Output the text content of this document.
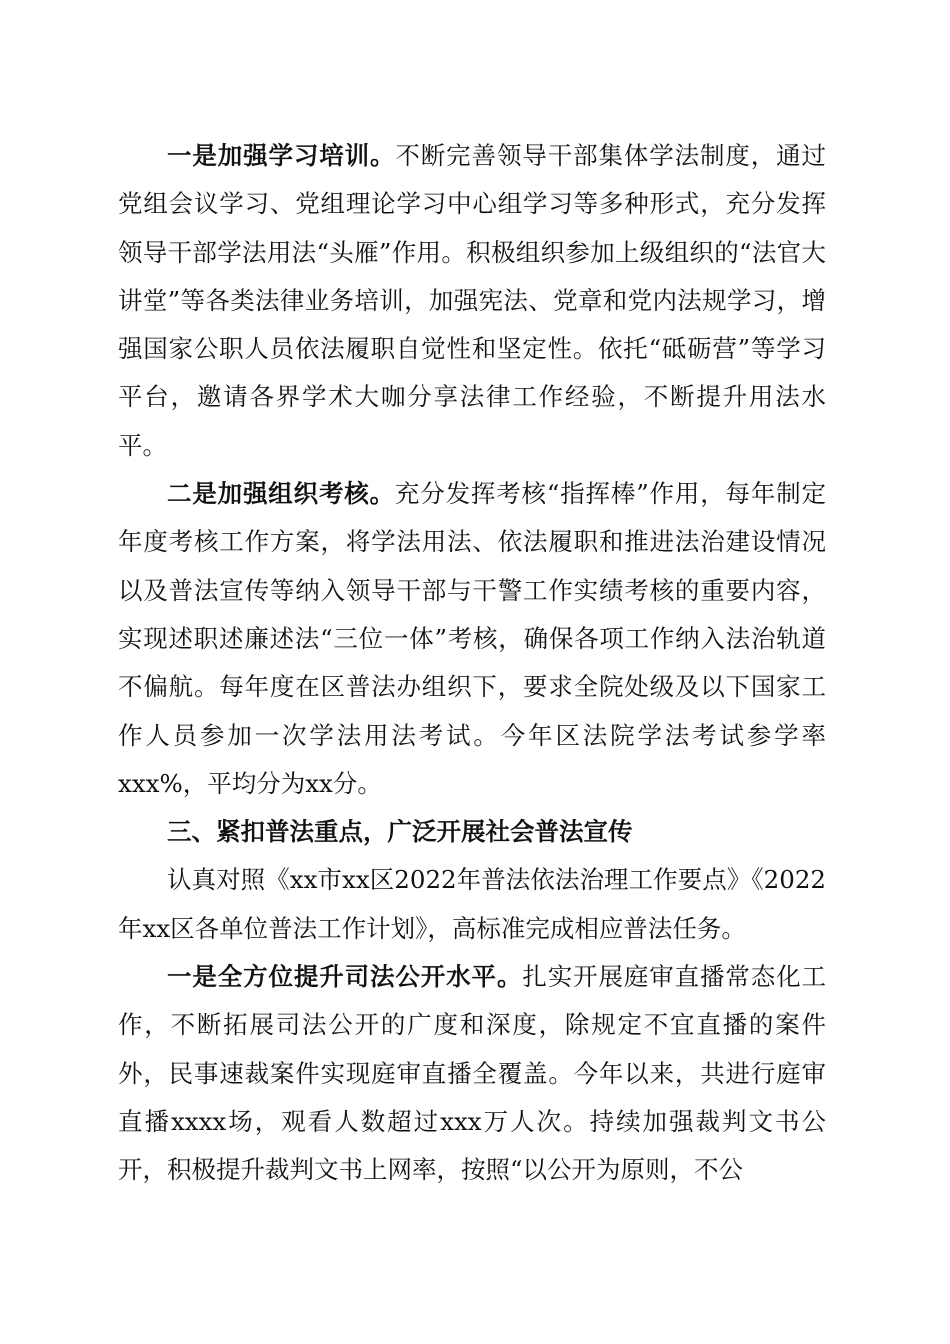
一是加强学习培训。不断完善领导干部集体学法制度，通过党组会议学习、党组理论学习中心组学习等多种形式，充分发挥领导干部学法用法“头雁”作用。积极组织参加上级组织的“法官大讲堂”等各类法律业务培训，加强宪法、党章和党内法规学习，增强国家公职人员依法履职自觉性和坚定性。依托“砥砺营”等学习平台，邀请各界学术大咖分享法律工作经验，不断提升用法水平。

二是加强组织考核。充分发挥考核“指挥棒”作用，每年制定年度考核工作方案，将学法用法、依法履职和推进法治建设情况以及普法宣传等纳入领导干部与干警工作实绩考核的重要内容，实现述职述廉述法“三位一体”考核，确保各项工作纳入法治轨道不偏航。每年度在区普法办组织下，要求全院处级及以下国家工作人员参加一次学法用法考试。今年区法院学法考试参学率xxx%，平均分为xx分。

三、紧扣普法重点，广泛开展社会普法宣传

认真对照《xx市xx区2022年普法依法治理工作要点》《2022年xx区各单位普法工作计划》，高标准完成相应普法任务。

一是全方位提升司法公开水平。扎实开展庭审直播常态化工作，不断拓展司法公开的广度和深度，除规定不宜直播的案件外，民事速裁案件实现庭审直播全覆盖。今年以来，共进行庭审直播xxxx场，观看人数超过xxx万人次。持续加强裁判文书公开，积极提升裁判文书上网率，按照“以公开为原则，不公
